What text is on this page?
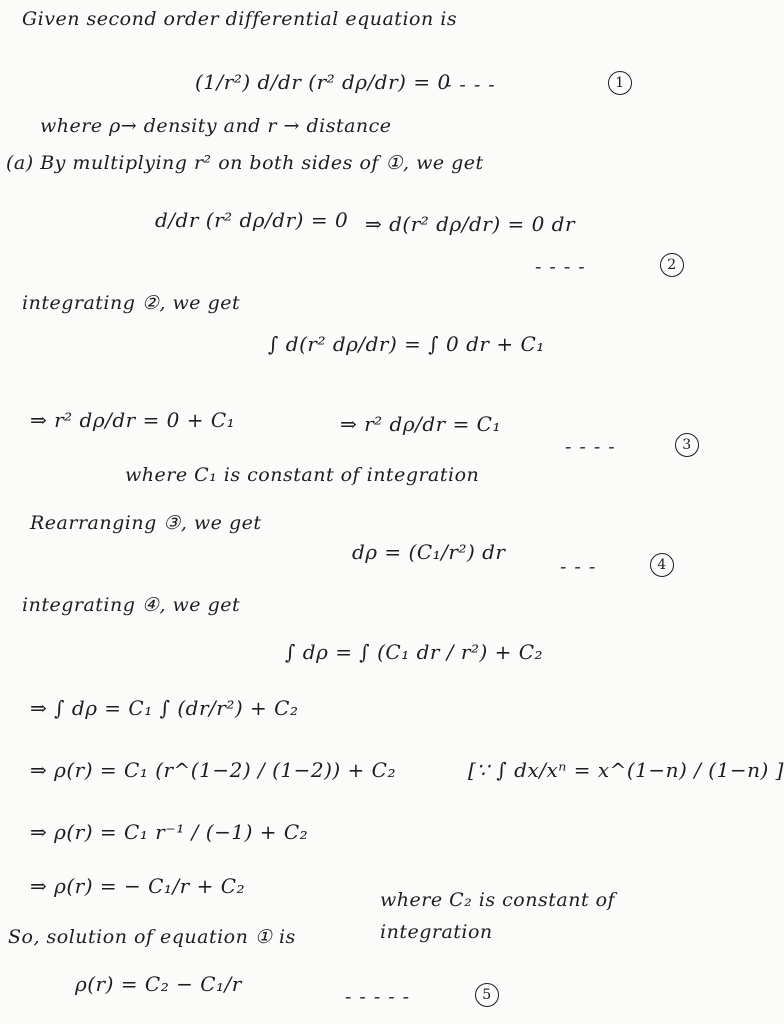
Given second order differential equation is
(1/r²) d/dr (r² dρ/dr) = 0
----	1
where ρ→ density and r → distance
(a) By multiplying r² on both sides of ①, we get
d/dr (r² dρ/dr) = 0 ⇒ d(r² dρ/dr) = 0 dr
----	2
integrating ②, we get
∫ d(r² dρ/dr) = ∫ 0 dr + C₁
⇒ r² dρ/dr = 0 + C₁	⇒ r² dρ/dr = C₁
----	3
where C₁ is constant of integration
Rearranging ③, we get
dρ = (C₁/r²) dr
---	4
integrating ④, we get
∫ dρ = ∫ (C₁ dr / r²) + C₂
⇒ ∫ dρ = C₁ ∫ (dr/r²) + C₂
⇒ ρ(r) = C₁ (r^(1−2) / (1−2)) + C₂	[∵ ∫ dx/xⁿ = x^(1−n) / (1−n) ]
⇒ ρ(r) = C₁ r⁻¹ / (−1) + C₂
⇒ ρ(r) = − C₁/r + C₂
where C₂ is constant of integration
So, solution of equation ① is
ρ(r) = C₂ − C₁/r
-----	5
